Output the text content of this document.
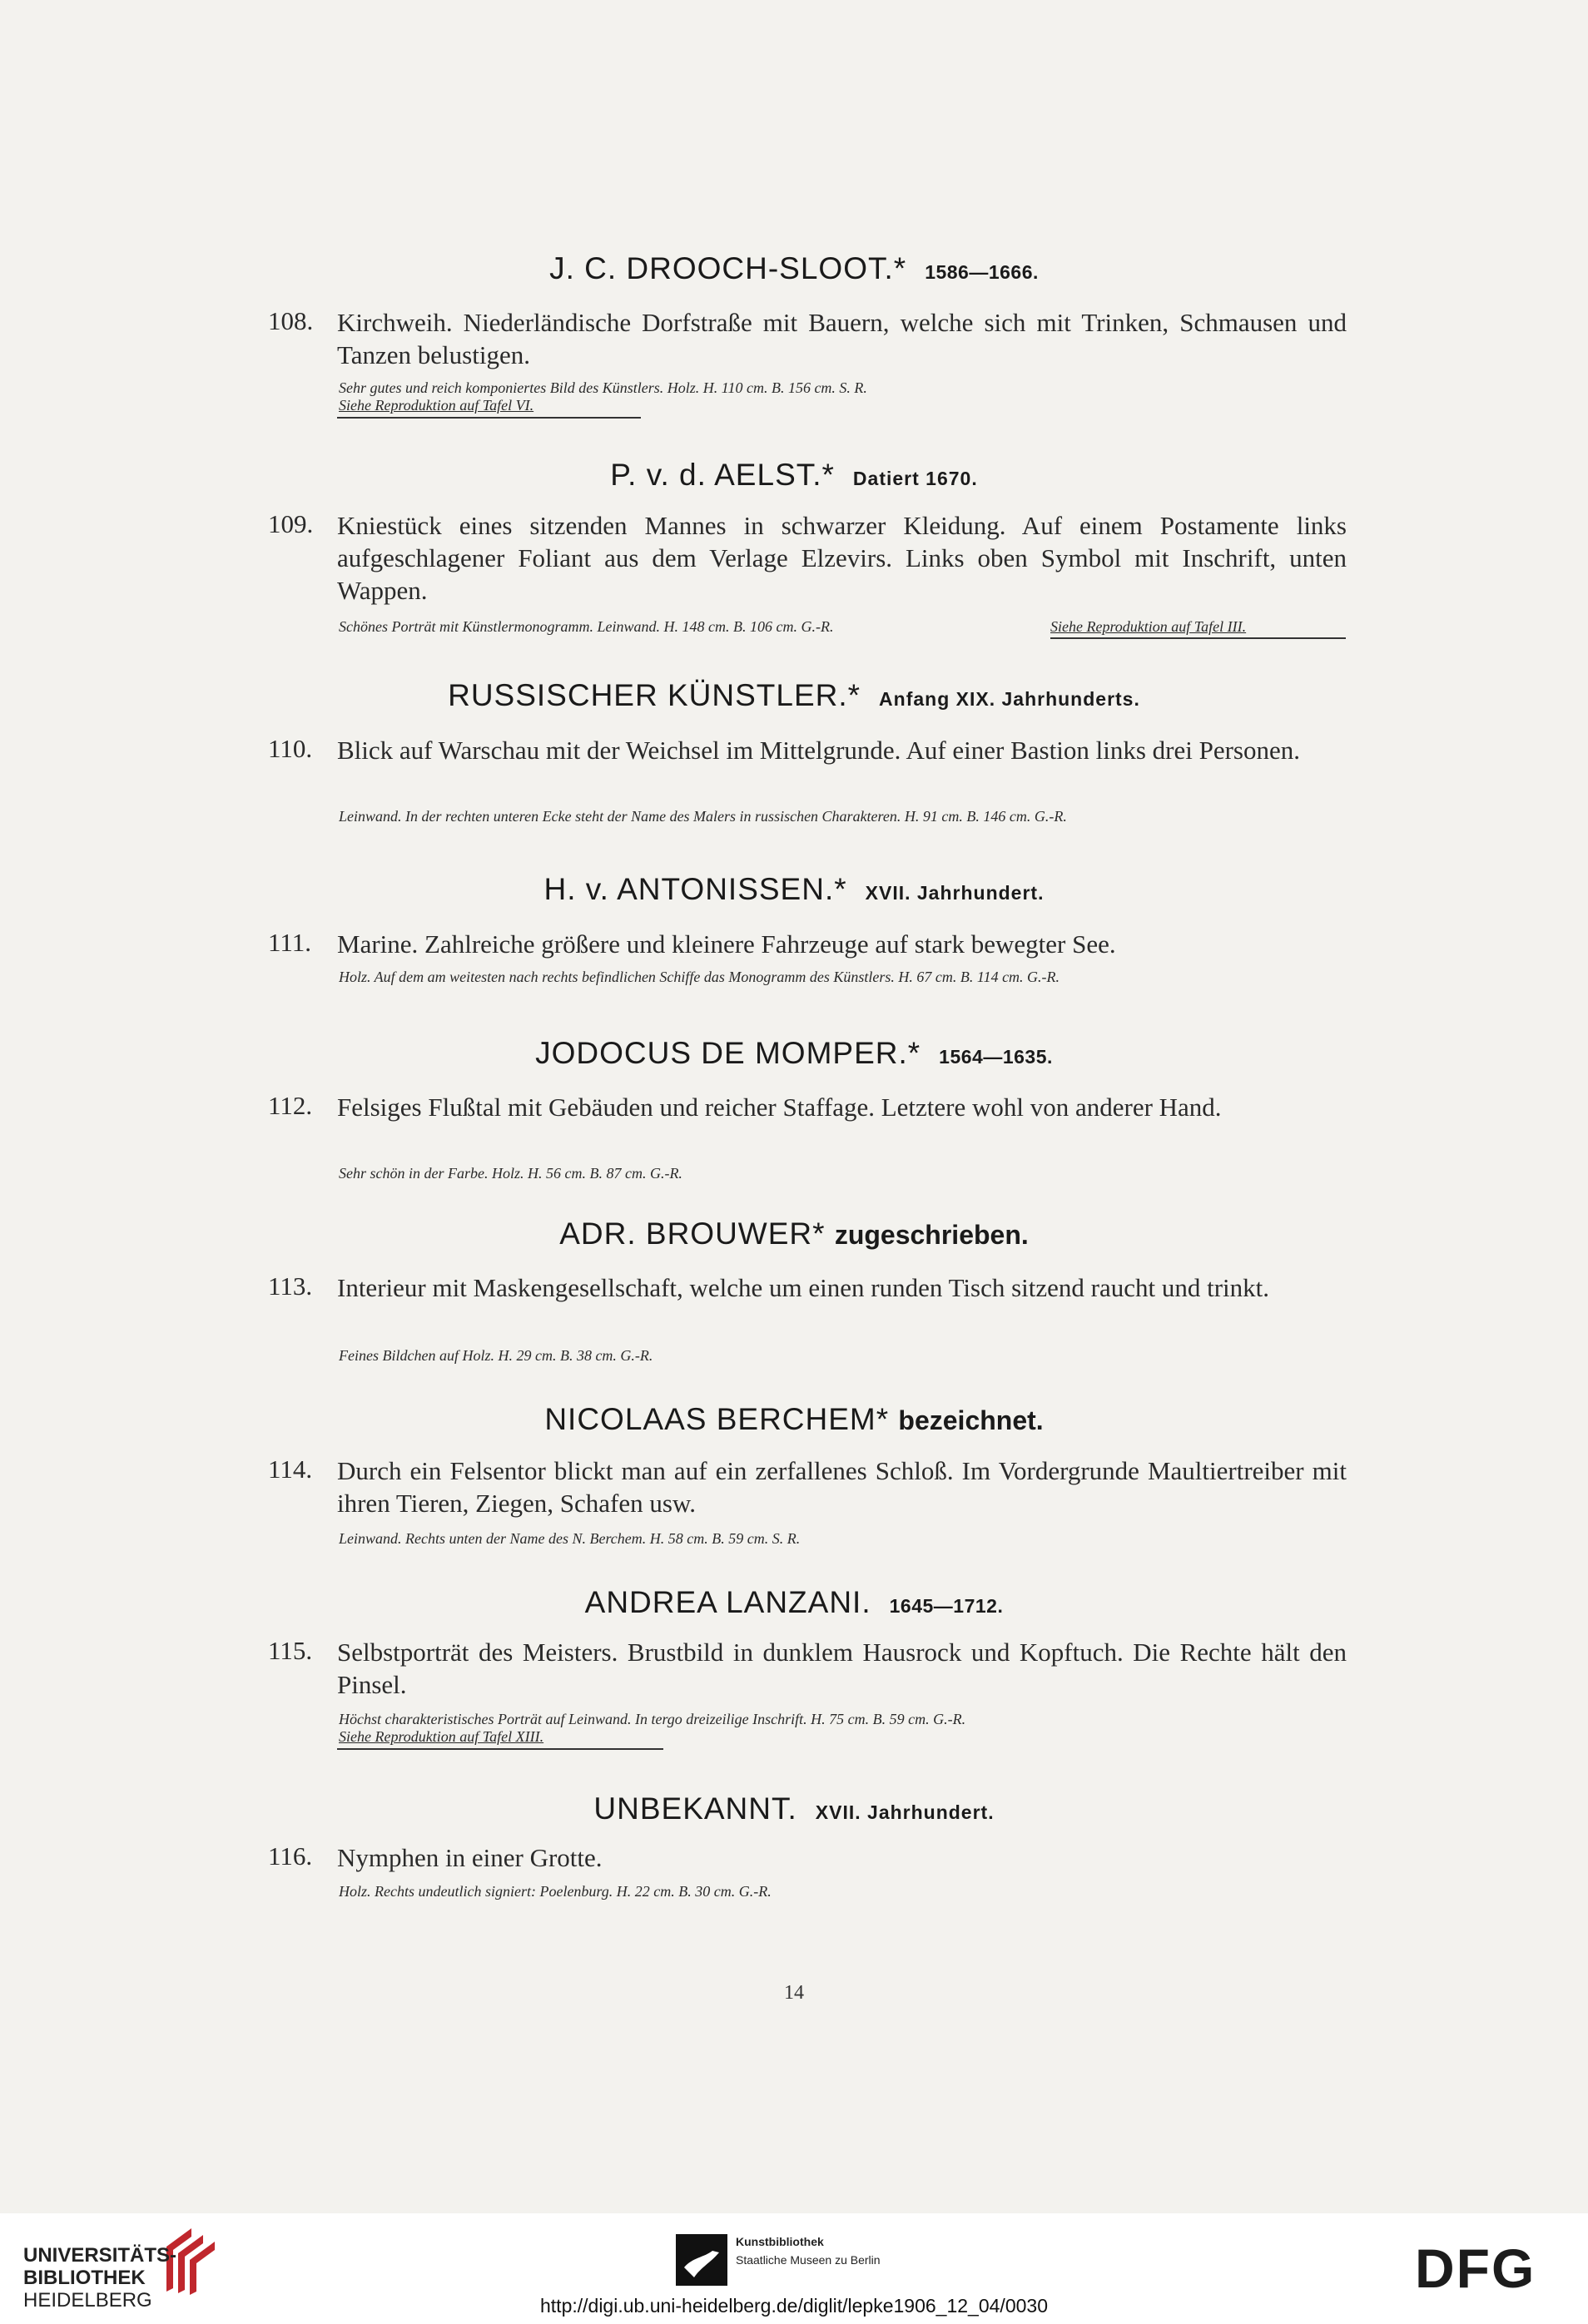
J. C. DROOCH-SLOOT.* 1586—1666.
108. Kirchweih. Niederländische Dorfstraße mit Bauern, welche sich mit Trinken, Schmausen und Tanzen belustigen.
Sehr gutes und reich komponiertes Bild des Künstlers. Holz. H. 110 cm. B. 156 cm. S. R.
Siehe Reproduktion auf Tafel VI.
P. v. d. AELST.* Datiert 1670.
109. Kniestück eines sitzenden Mannes in schwarzer Kleidung. Auf einem Postamente links aufgeschlagener Foliant aus dem Verlage Elzevirs. Links oben Symbol mit Inschrift, unten Wappen.
Schönes Porträt mit Künstlermonogramm. Leinwand. H. 148 cm. B. 106 cm. G.-R.	Siehe Reproduktion auf Tafel III.
RUSSISCHER KÜNSTLER.* Anfang XIX. Jahrhunderts.
110. Blick auf Warschau mit der Weichsel im Mittelgrunde. Auf einer Bastion links drei Personen.
Leinwand. In der rechten unteren Ecke steht der Name des Malers in russischen Charakteren. H. 91 cm. B. 146 cm. G.-R.
H. v. ANTONISSEN.* XVII. Jahrhundert.
111. Marine. Zahlreiche größere und kleinere Fahrzeuge auf stark bewegter See.
Holz. Auf dem am weitesten nach rechts befindlichen Schiffe das Monogramm des Künstlers. H. 67 cm. B. 114 cm. G.-R.
JODOCUS DE MOMPER.* 1564—1635.
112. Felsiges Flußtal mit Gebäuden und reicher Staffage. Letztere wohl von anderer Hand.
Sehr schön in der Farbe. Holz. H. 56 cm. B. 87 cm. G.-R.
ADR. BROUWER* zugeschrieben.
113. Interieur mit Maskengesellschaft, welche um einen runden Tisch sitzend raucht und trinkt.
Feines Bildchen auf Holz. H. 29 cm. B. 38 cm. G.-R.
NICOLAAS BERCHEM* bezeichnet.
114. Durch ein Felsentor blickt man auf ein zerfallenes Schloß. Im Vordergrunde Maultiertreiber mit ihren Tieren, Ziegen, Schafen usw.
Leinwand. Rechts unten der Name des N. Berchem. H. 58 cm. B. 59 cm. S. R.
ANDREA LANZANI. 1645—1712.
115. Selbstporträt des Meisters. Brustbild in dunklem Hausrock und Kopftuch. Die Rechte hält den Pinsel.
Höchst charakteristisches Porträt auf Leinwand. In tergo dreizeilige Inschrift. H. 75 cm. B. 59 cm. G.-R.
Siehe Reproduktion auf Tafel XIII.
UNBEKANNT. XVII. Jahrhundert.
116. Nymphen in einer Grotte.
Holz. Rechts undeutlich signiert: Poelenburg. H. 22 cm. B. 30 cm. G.-R.
14
UNIVERSITÄTS-
BIBLIOTHEK
HEIDELBERG
Kunstbibliothek
Staatliche Museen zu Berlin	DFG
http://digi.ub.uni-heidelberg.de/diglit/lepke1906_12_04/0030
